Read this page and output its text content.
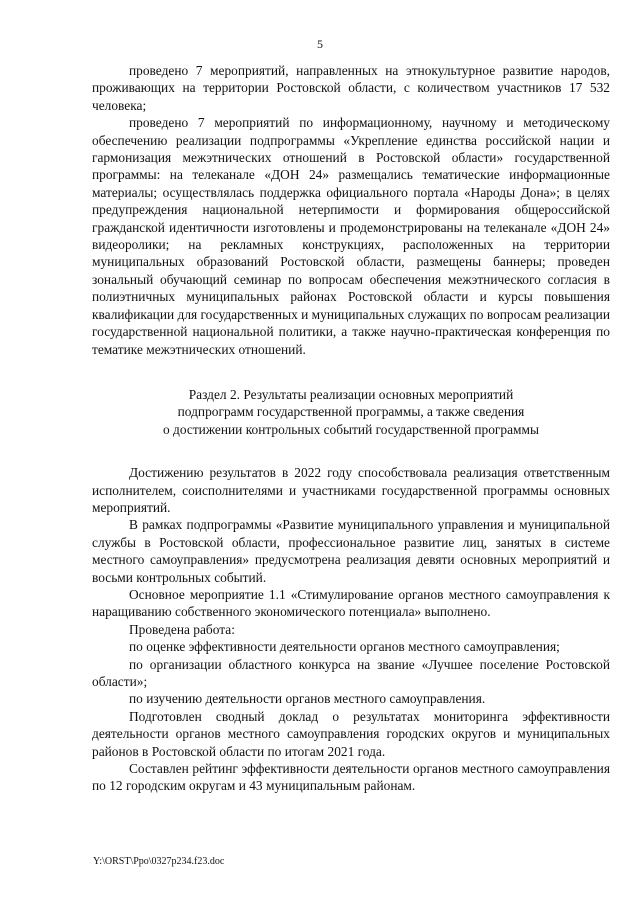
5

проведено 7 мероприятий, направленных на этнокультурное развитие народов, проживающих на территории Ростовской области, с количеством участников 17 532 человека;

проведено 7 мероприятий по информационному, научному и методическому обеспечению реализации подпрограммы «Укрепление единства российской нации и гармонизация межэтнических отношений в Ростовской области» государственной программы: на телеканале «ДОН 24» размещались тематические информационные материалы; осуществлялась поддержка официального портала «Народы Дона»; в целях предупреждения национальной нетерпимости и формирования общероссийской гражданской идентичности изготовлены и продемонстрированы на телеканале «ДОН 24» видеоролики; на рекламных конструкциях, расположенных на территории муниципальных образований Ростовской области, размещены баннеры; проведен зональный обучающий семинар по вопросам обеспечения межэтнического согласия в полиэтничных муниципальных районах Ростовской области и курсы повышения квалификации для государственных и муниципальных служащих по вопросам реализации государственной национальной политики, а также научно-практическая конференция по тематике межэтнических отношений.

Раздел 2. Результаты реализации основных мероприятий
подпрограмм государственной программы, а также сведения
о достижении контрольных событий государственной программы

Достижению результатов в 2022 году способствовала реализация ответственным исполнителем, соисполнителями и участниками государственной программы основных мероприятий.

В рамках подпрограммы «Развитие муниципального управления и муниципальной службы в Ростовской области, профессиональное развитие лиц, занятых в системе местного самоуправления» предусмотрена реализация девяти основных мероприятий и восьми контрольных событий.

Основное мероприятие 1.1 «Стимулирование органов местного самоуправления к наращиванию собственного экономического потенциала» выполнено.

Проведена работа:

по оценке эффективности деятельности органов местного самоуправления;

по организации областного конкурса на звание «Лучшее поселение Ростовской области»;

по изучению деятельности органов местного самоуправления.

Подготовлен сводный доклад о результатах мониторинга эффективности деятельности органов местного самоуправления городских округов и муниципальных районов в Ростовской области по итогам 2021 года.

Составлен рейтинг эффективности деятельности органов местного самоуправления по 12 городским округам и 43 муниципальным районам.

Y:\ORST\Ppo\0327p234.f23.doc
